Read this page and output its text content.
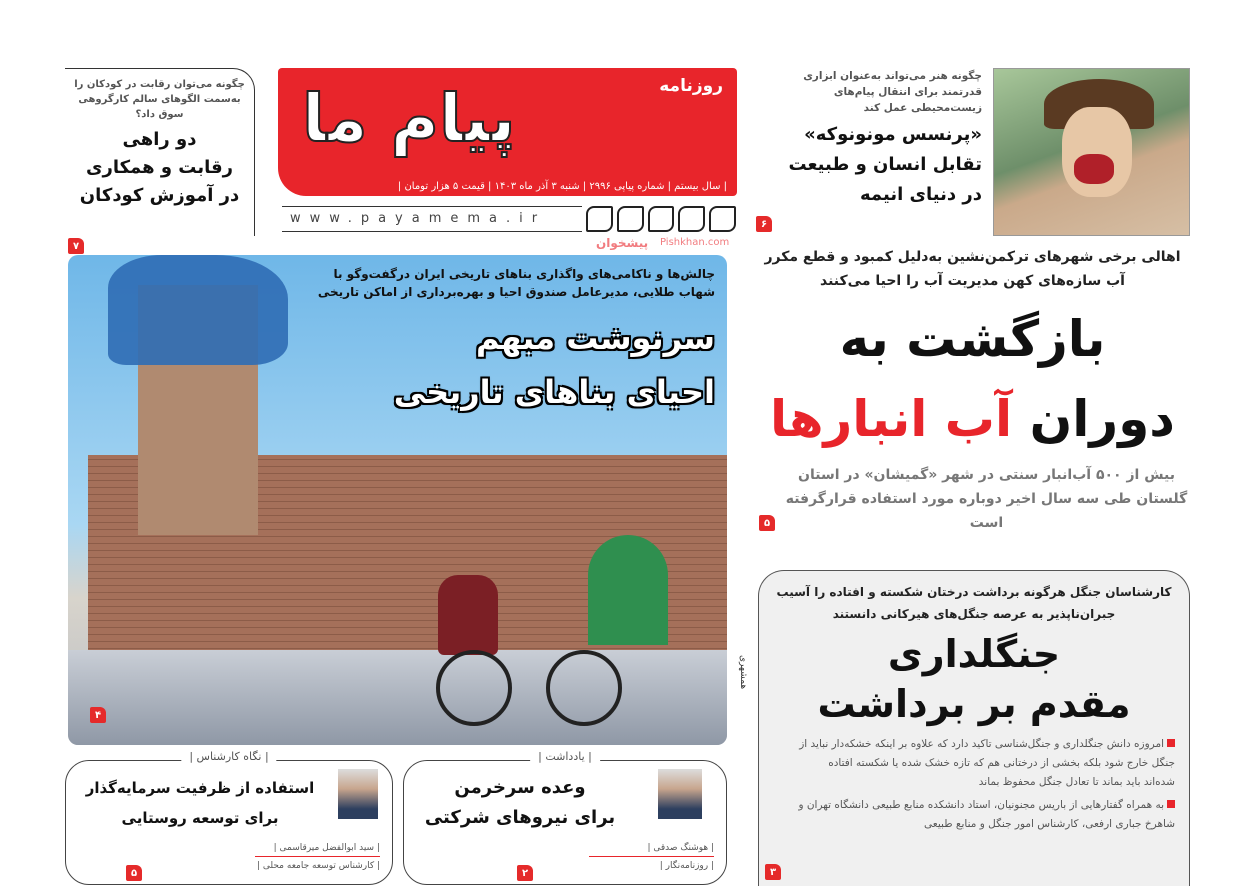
پیام ما	روزنامه
| سال بیستم | شماره پیاپی ۲۹۹۶ | شنبه ۳ آذر ماه ۱۴۰۳ | قیمت ۵ هزار تومان |
www.payamema.ir
پیشخوان Pishkhan.com
چگونه هنر می‌تواند به‌عنوان ابزاری قدرتمند برای انتقال پیام‌های زیست‌محیطی عمل کند
«پرنسس مونونوکه»
تقابل انسان و طبیعت
در دنیای انیمه
۶
چگونه می‌توان رقابت در کودکان را به‌سمت الگوهای سالم کارگروهی سوق داد؟
دو راهی
رقابت و همکاری
در آموزش کودکان
۷
چالش‌ها و ناکامی‌های واگذاری بناهای تاریخی ایران درگفت‌وگو با شهاب طلایی، مدیرعامل صندوق احیا و بهره‌برداری از اماکن تاریخی
سرنوشت مبهم
احیای بناهای تاریخی
۴
همشهری
اهالی برخی شهرهای ترکمن‌نشین به‌دلیل کمبود و قطع مکرر آب سازه‌های کهن مدیریت آب را احیا می‌کنند
بازگشت به
دوران آب انبارها
بیش از ۵۰۰ آب‌انبار سنتی در شهر «گمیشان» در استان گلستان طی سه سال اخیر دوباره مورد استفاده قرارگرفته است
۵
کارشناسان جنگل هرگونه برداشت درختان شکسته و افتاده را آسیب جبران‌ناپذیر به عرصه جنگل‌های هیرکانی دانستند
جنگلداری
مقدم بر برداشت

امروزه دانش جنگلداری و جنگل‌شناسی تاکید دارد که علاوه بر اینکه خشکه‌دار نباید از جنگل خارج شود بلکه بخشی از درختانی هم که تازه خشک شده یا شکسته افتاده شده‌اند باید بماند تا تعادل جنگل محفوظ بماند

به همراه گفتارهایی از باریس مجنونیان، استاد دانشکده منابع طبیعی دانشگاه تهران و شاهرخ جباری ارفعی، کارشناس امور جنگل و منابع طبیعی

۳
| یادداشت |
وعده سرخرمن
برای نیروهای شرکتی
| هوشنگ صدقی |
| روزنامه‌نگار |
۲
| نگاه کارشناس |
استفاده از ظرفیت سرمایه‌گذار
برای توسعه روستایی
| سید ابوالفضل میرقاسمی |
| کارشناس توسعه جامعه محلی |
۵
